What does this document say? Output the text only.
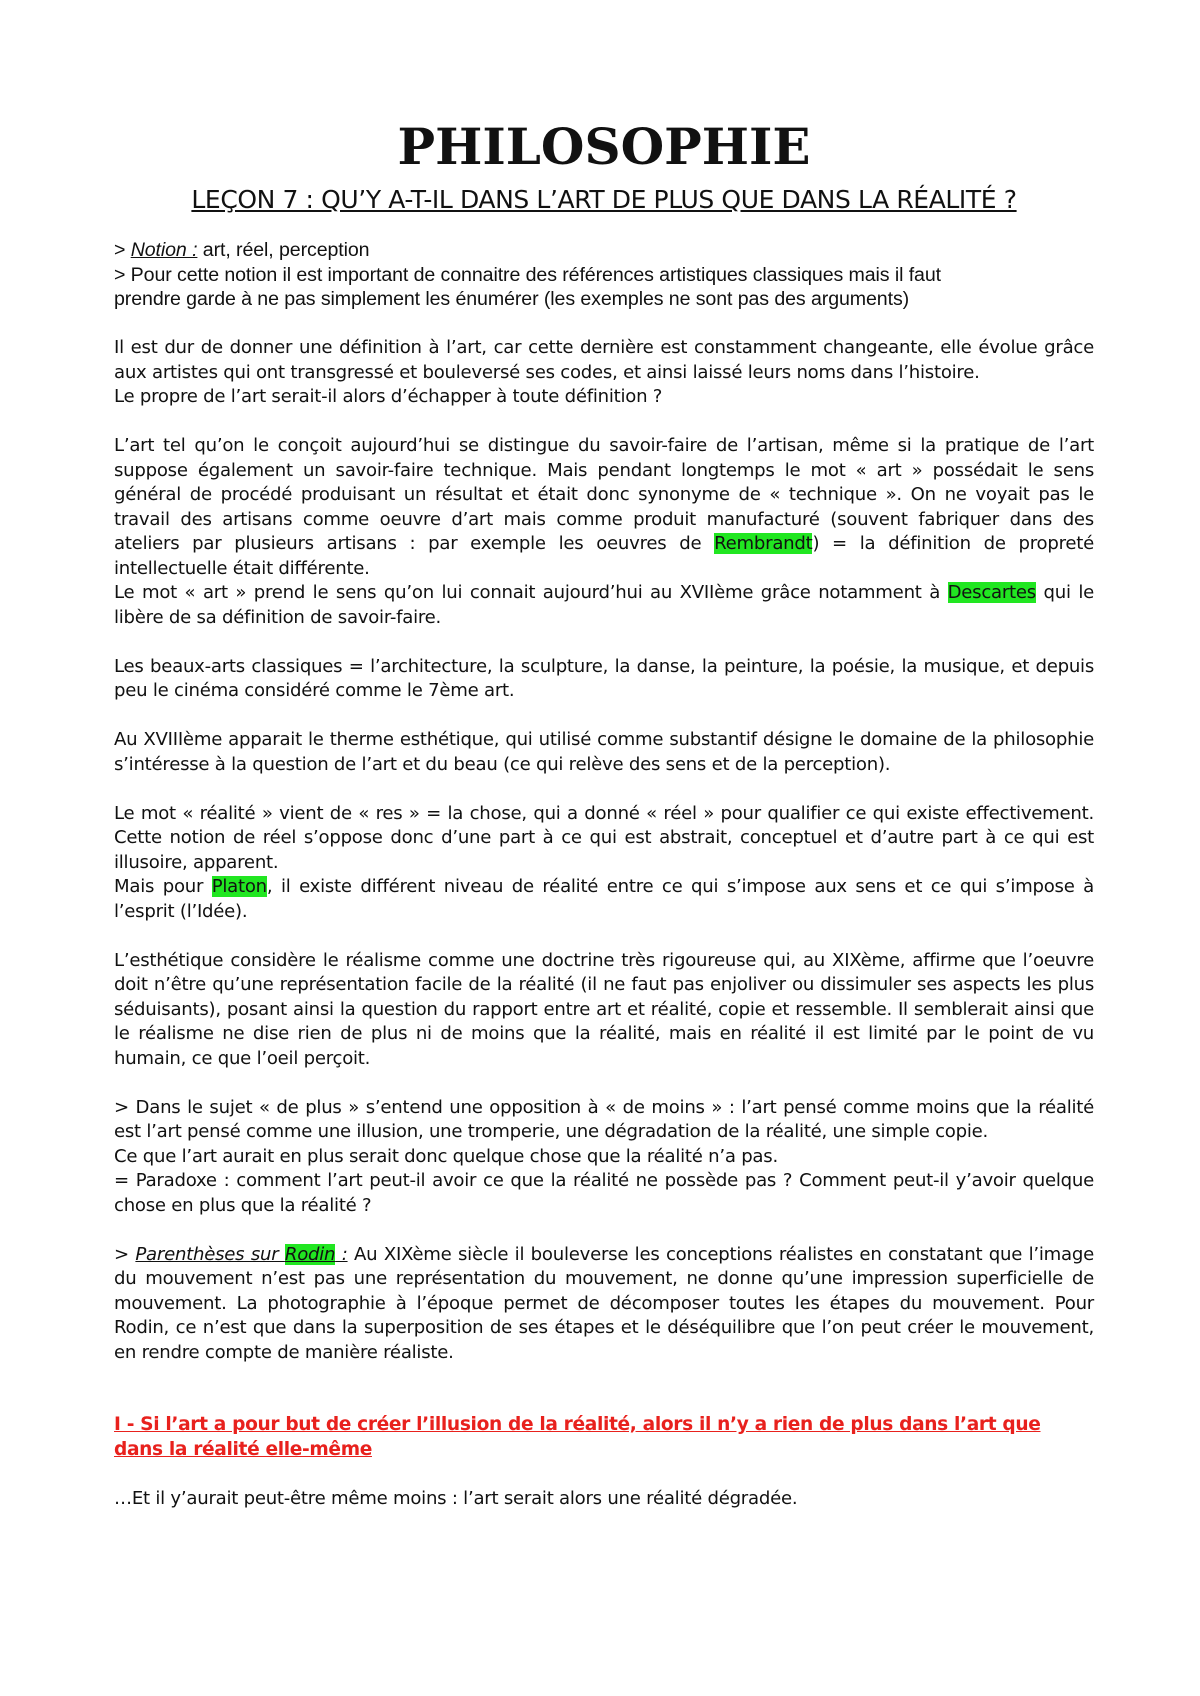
PHILOSOPHIE
LEÇON 7 : QU’Y A-T-IL DANS L’ART DE PLUS QUE DANS LA RÉALITÉ ?

> Notion : art, réel, perception

> Pour cette notion il est important de connaitre des références artistiques classiques mais il faut

prendre garde à ne pas simplement les énumérer (les exemples ne sont pas des arguments)

Il est dur de donner une définition à l’art, car cette dernière est constamment changeante, elle évolue grâce aux artistes qui ont transgressé et bouleversé ses codes, et ainsi laissé leurs noms dans l’histoire.
Le propre de l’art serait-il alors d’échapper à toute définition ?
L’art tel qu’on le conçoit aujourd’hui se distingue du savoir-faire de l’artisan, même si la pratique de l’art suppose également un savoir-faire technique. Mais pendant longtemps le mot « art » possédait le sens général de procédé produisant un résultat et était donc synonyme de « technique ». On ne voyait pas le travail des artisans comme oeuvre d’art mais comme produit manufacturé (souvent fabriquer dans des ateliers par plusieurs artisans : par exemple les oeuvres de Rembrandt) = la définition de propreté intellectuelle était différente.
Le mot « art » prend le sens qu’on lui connait aujourd’hui au XVIIème grâce notamment à Descartes qui le libère de sa définition de savoir-faire.
Les beaux-arts classiques = l’architecture, la sculpture, la danse, la peinture, la poésie, la musique, et depuis peu le cinéma considéré comme le 7ème art.
Au XVIIIème apparait le therme esthétique, qui utilisé comme substantif désigne le domaine de la philosophie s’intéresse à la question de l’art et du beau (ce qui relève des sens et de la perception).
Le mot « réalité » vient de « res » = la chose, qui a donné « réel » pour qualifier ce qui existe effectivement. Cette notion de réel s’oppose donc d’une part à ce qui est abstrait, conceptuel et d’autre part à ce qui est illusoire, apparent.
Mais pour Platon, il existe différent niveau de réalité entre ce qui s’impose aux sens et ce qui s’impose à l’esprit (l’Idée).
L’esthétique considère le réalisme comme une doctrine très rigoureuse qui, au XIXème, affirme que l’oeuvre doit n’être qu’une représentation facile de la réalité (il ne faut pas enjoliver ou dissimuler ses aspects les plus séduisants), posant ainsi la question du rapport entre art et réalité, copie et ressemble. Il semblerait ainsi que le réalisme ne dise rien de plus ni de moins que la réalité, mais en réalité il est limité par le point de vu humain, ce que l’oeil perçoit.
> Dans le sujet « de plus » s’entend une opposition à « de moins » : l’art pensé comme moins que la réalité est l’art pensé comme une illusion, une tromperie, une dégradation de la réalité, une simple copie.
Ce que l’art aurait en plus serait donc quelque chose que la réalité n’a pas.
= Paradoxe : comment l’art peut-il avoir ce que la réalité ne possède pas ? Comment peut-il y’avoir quelque chose en plus que la réalité ?
> Parenthèses sur Rodin : Au XIXème siècle il bouleverse les conceptions réalistes en constatant que l’image du mouvement n’est pas une représentation du mouvement, ne donne qu’une impression superficielle de mouvement. La photographie à l’époque permet de décomposer toutes les étapes du mouvement. Pour Rodin, ce n’est que dans la superposition de ses étapes et le déséquilibre que l’on peut créer le mouvement, en rendre compte de manière réaliste.
I - Si l’art a pour but de créer l’illusion de la réalité, alors il n’y a rien de plus dans l’art que dans la réalité elle-même
…Et il y’aurait peut-être même moins : l’art serait alors une réalité dégradée.
